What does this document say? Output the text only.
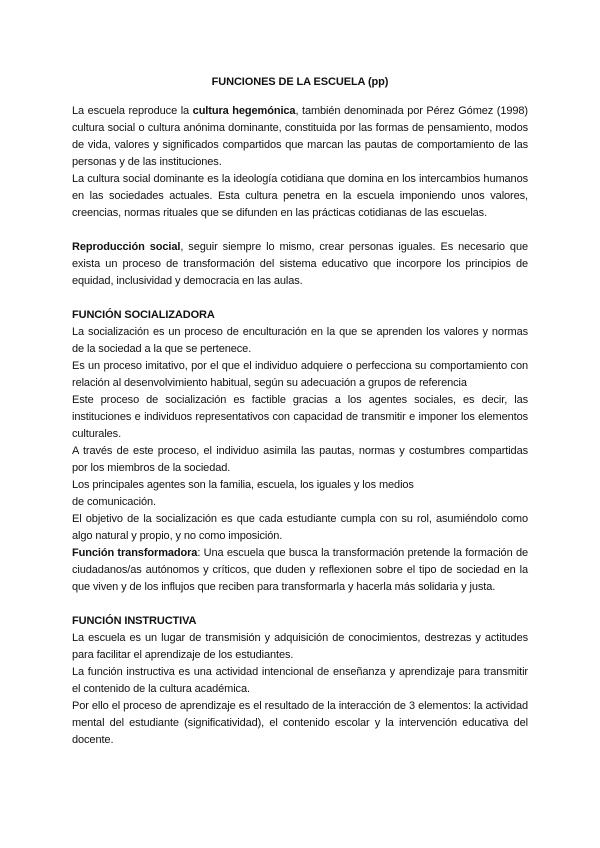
FUNCIONES DE LA ESCUELA (pp)

La escuela reproduce la cultura hegemónica, también denominada por Pérez Gómez (1998) cultura social o cultura anónima dominante, constituida por las formas de pensamiento, modos de vida, valores y significados compartidos que marcan las pautas de comportamiento de las personas y de las instituciones.

La cultura social dominante es la ideología cotidiana que domina en los intercambios humanos en las sociedades actuales. Esta cultura penetra en la escuela imponiendo unos valores, creencias, normas rituales que se difunden en las prácticas cotidianas de las escuelas.

Reproducción social, seguir siempre lo mismo, crear personas iguales. Es necesario que exista un proceso de transformación del sistema educativo que incorpore los principios de equidad, inclusividad y democracia en las aulas.

FUNCIÓN SOCIALIZADORA

La socialización es un proceso de enculturación en la que se aprenden los valores y normas de la sociedad a la que se pertenece.

Es un proceso imitativo, por el que el individuo adquiere o perfecciona su comportamiento con relación al desenvolvimiento habitual, según su adecuación a grupos de referencia

Este proceso de socialización es factible gracias a los agentes sociales, es decir, las instituciones e individuos representativos con capacidad de transmitir e imponer los elementos culturales.

A través de este proceso, el individuo asimila las pautas, normas y costumbres compartidas por los miembros de la sociedad.

Los principales agentes son la familia, escuela, los iguales y los medios

de comunicación.

El objetivo de la socialización es que cada estudiante cumpla con su rol, asumiéndolo como algo natural y propio, y no como imposición.

Función transformadora: Una escuela que busca la transformación pretende la formación de ciudadanos/as autónomos y críticos, que duden y reflexionen sobre el tipo de sociedad en la que viven y de los influjos que reciben para transformarla y hacerla más solidaria y justa.

FUNCIÓN INSTRUCTIVA

La escuela es un lugar de transmisión y adquisición de conocimientos, destrezas y actitudes para facilitar el aprendizaje de los estudiantes.

La función instructiva es una actividad intencional de enseñanza y aprendizaje para transmitir el contenido de la cultura académica.

Por ello el proceso de aprendizaje es el resultado de la interacción de 3 elementos: la actividad mental del estudiante (significatividad), el contenido escolar y la intervención educativa del docente.
